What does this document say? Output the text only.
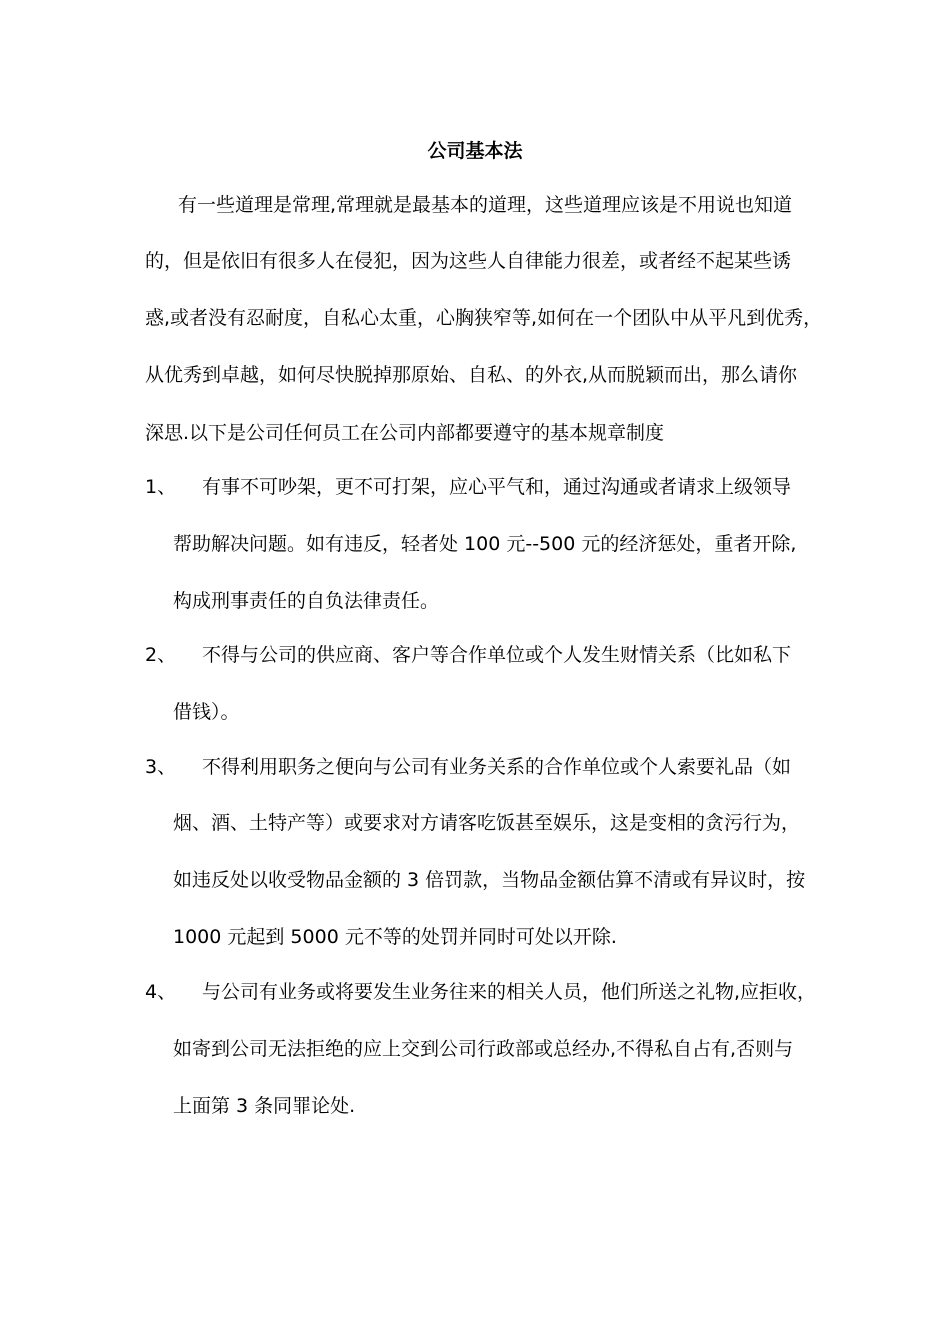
公司基本法
有一些道理是常理,常理就是最基本的道理，这些道理应该是不用说也知道
的，但是依旧有很多人在侵犯，因为这些人自律能力很差，或者经不起某些诱
惑,或者没有忍耐度，自私心太重，心胸狭窄等,如何在一个团队中从平凡到优秀，
从优秀到卓越，如何尽快脱掉那原始、自私、的外衣,从而脱颖而出，那么请你
深思.以下是公司任何员工在公司内部都要遵守的基本规章制度
1、 有事不可吵架，更不可打架，应心平气和，通过沟通或者请求上级领导
帮助解决问题。如有违反，轻者处 100 元--500 元的经济惩处，重者开除,
构成刑事责任的自负法律责任。
2、 不得与公司的供应商、客户等合作单位或个人发生财情关系（比如私下
借钱）。
3、 不得利用职务之便向与公司有业务关系的合作单位或个人索要礼品（如
烟、酒、土特产等）或要求对方请客吃饭甚至娱乐，这是变相的贪污行为，
如违反处以收受物品金额的 3 倍罚款，当物品金额估算不清或有异议时，按
1000 元起到 5000 元不等的处罚并同时可处以开除.
4、 与公司有业务或将要发生业务往来的相关人员，他们所送之礼物,应拒收，
如寄到公司无法拒绝的应上交到公司行政部或总经办,不得私自占有,否则与
上面第 3 条同罪论处.
